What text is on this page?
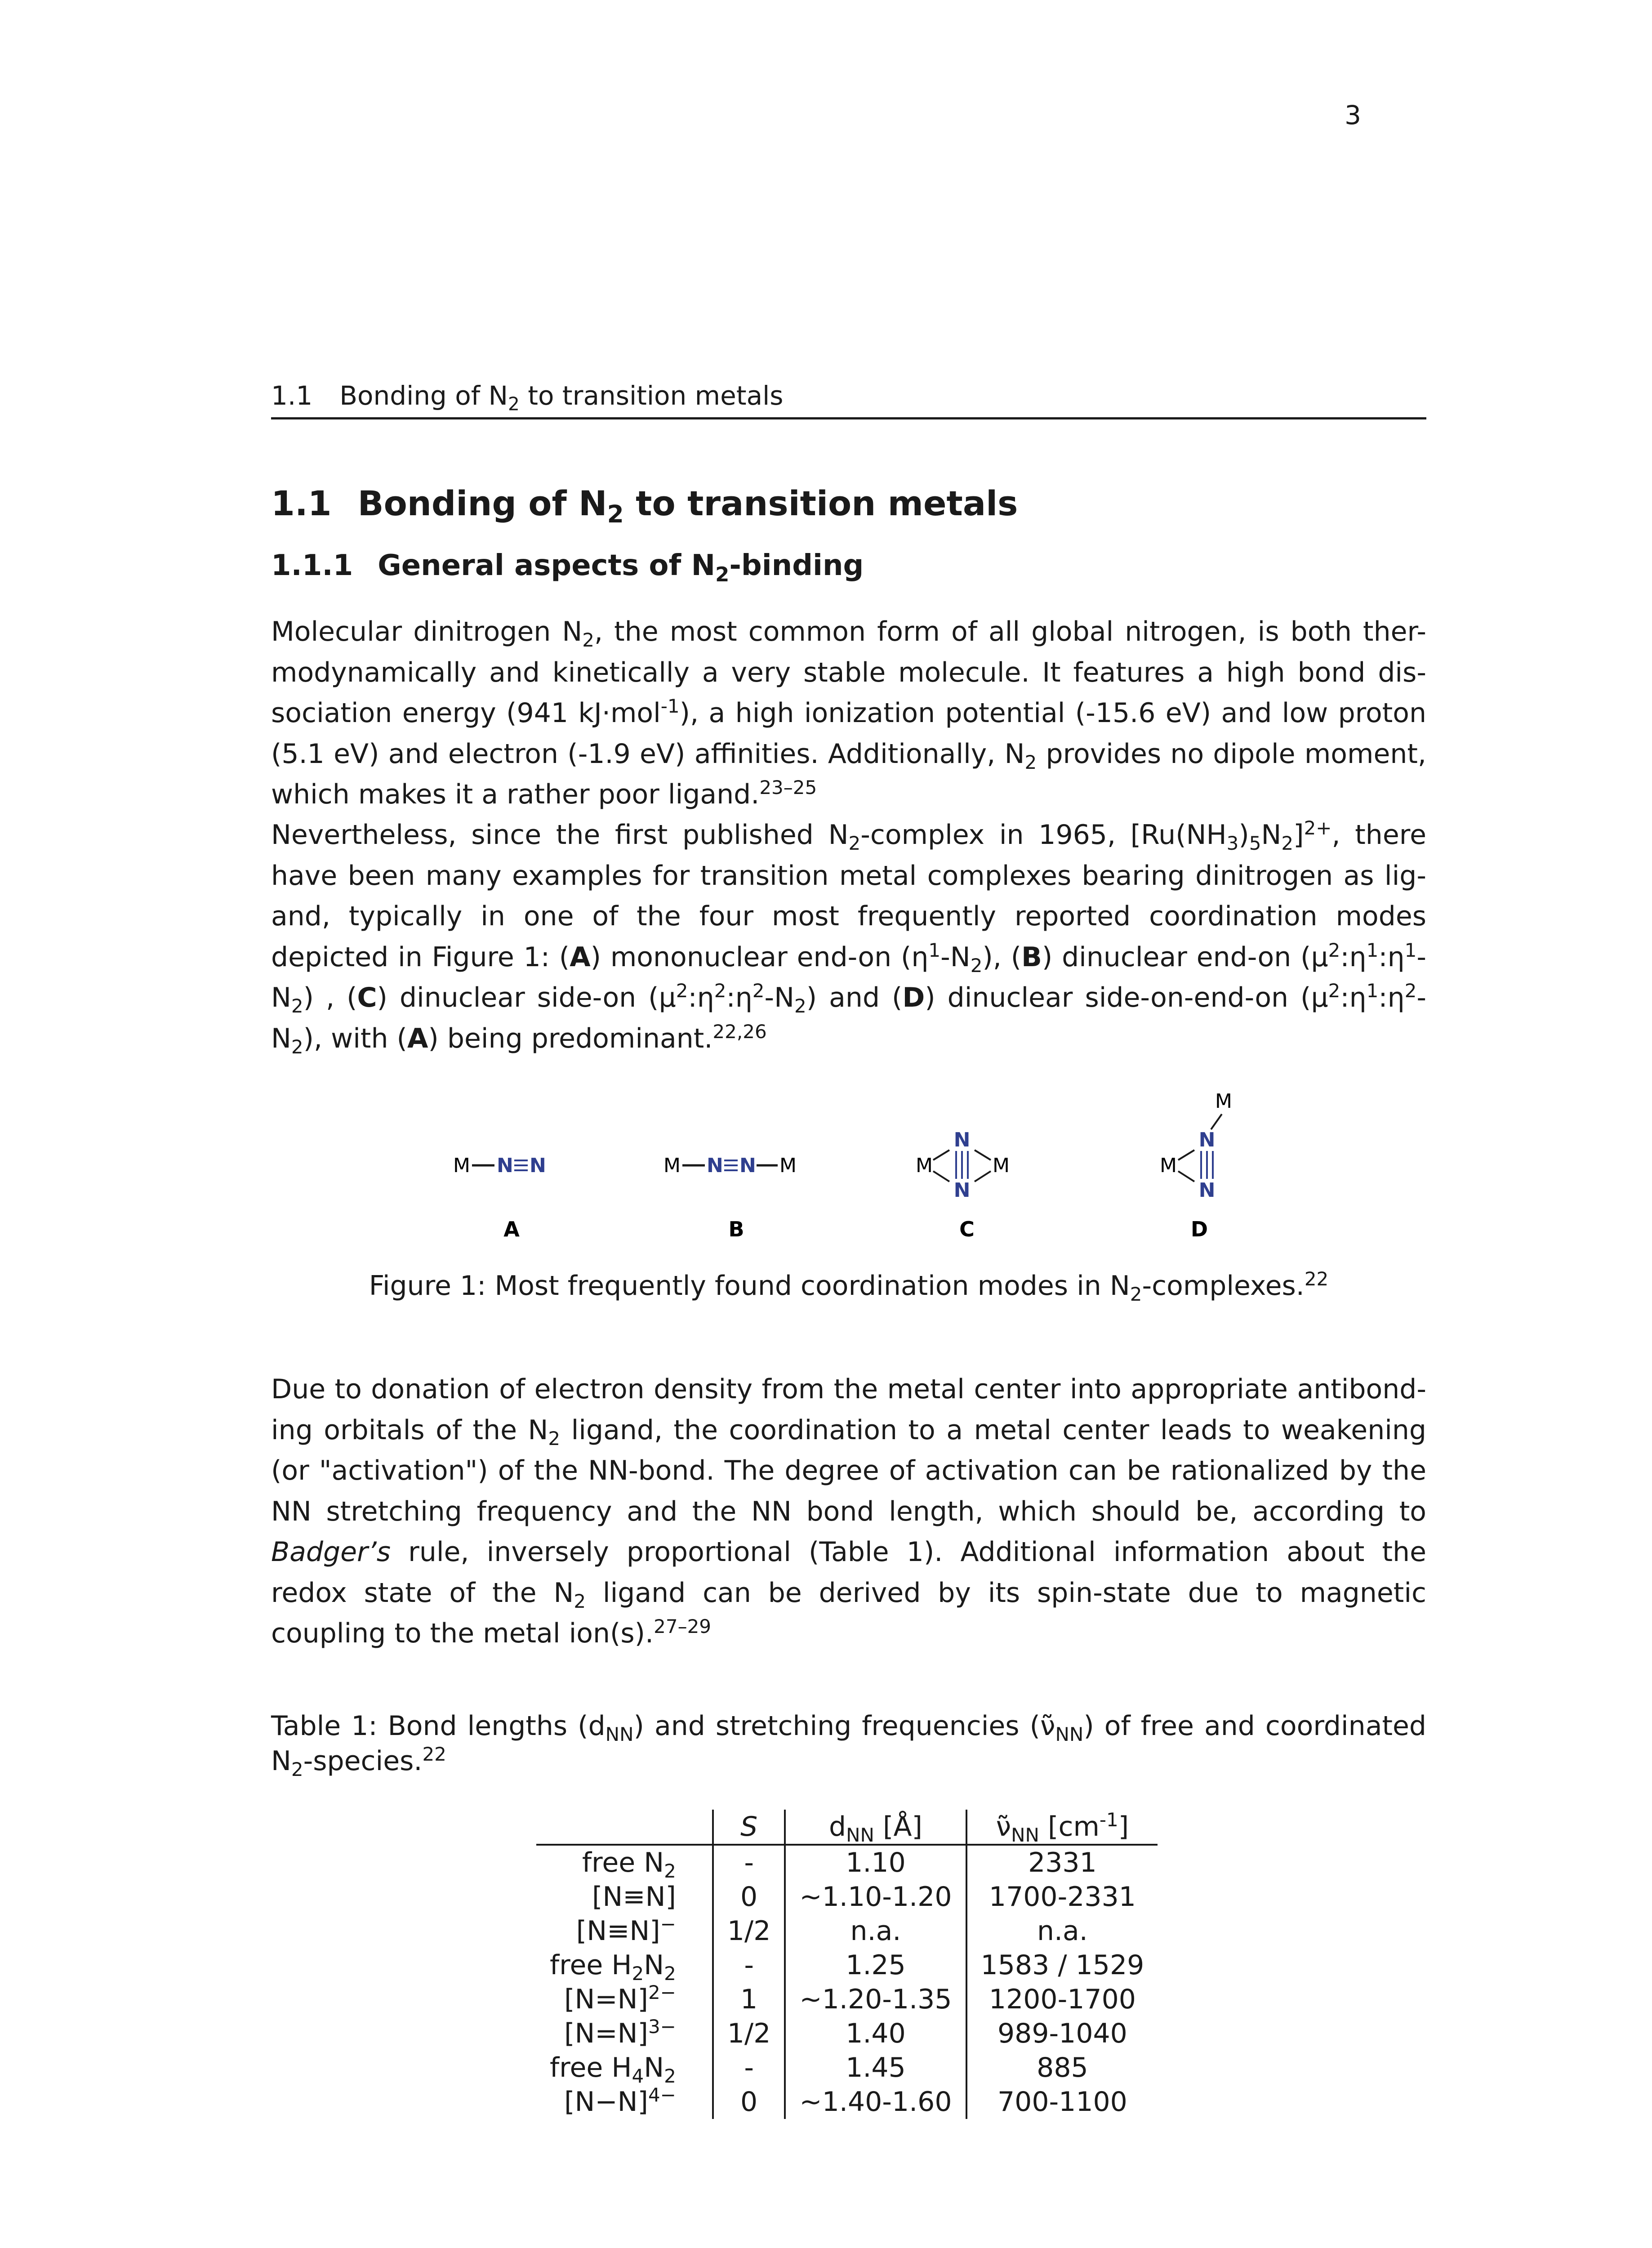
3
1.1 Bonding of $N_2$ to transition metals
1.1 Bonding of $N_2$ to transition metals
1.1.1 General aspects of $N_2$-binding

Molecular dinitrogen $N_2$, the most common form of all global nitrogen, is both ther-modynamically and kinetically a very stable molecule. It features a high bond dis-sociation energy (941 kJ·mol$^{-1}$), a high ionization potential (-15.6 eV) and low proton (5.1 eV) and electron (-1.9 eV) affinities. Additionally, $N_2$ provides no dipole moment, which makes it a rather poor ligand.$^{23-25}$

Nevertheless, since the first published $N_2$-complex in 1965, $[Ru(NH_3)_5N_2]^{2+}$, there have been many examples for transition metal complexes bearing dinitrogen as lig-and, typically in one of the four most frequently reported coordination modes depicted in Figure 1: (A) mononuclear end-on $(\eta^1-N_2)$, (B) dinuclear end-on $(\mu^2:\eta^1:\eta^1-N_2)$ , (C) dinuclear side-on $(\mu^2:\eta^2:\eta^2-N_2)$ and (D) dinuclear side-on-end-on $(\mu^2:\eta^1:\eta^2-N_2)$, with (A) being predominant.$^{22,26}$

M N N
A
M N N M
B
M
N
N
M
C
M
N
N
M
D
Figure 1: Most frequently found coordination modes in $N_2-complexes.^{22}$

Due to donation of electron density from the metal center into appropriate antibond-ing orbitals of the $N_2$ ligand, the coordination to a metal center leads to weakening (or "activation") of the NN-bond. The degree of activation can be rationalized by the NN stretching frequency and the NN bond length, which should be, according to Badger’s rule, inversely proportional (Table 1). Additional information about the redox state of the $N_2$ ligand can be derived by its spin-state due to magnetic coupling to the metal ion(s).$^{27-29}$

Table 1: Bond lengths $(d_{NN})$ and stretching frequencies $(\nũ_{NN})$ of free and coordinated $N_2-species.^{22}$
	S	$d_{NN}$ [Å]	$\nũ_{NN}$ $[cm^{-1}]$
free $N_2$	-	1.10	2331
[N≡N]	0	~1.10-1.20	1700-2331
[N≡N]−	1/2	n.a.	n.a.
free $H_2N_2$	-	1.25	1583 / 1529
[N=N]$^{2-}$	1	~1.20-1.35	1200-1700
[N=N]$^{3-}$	1/2	1.40	989-1040
free $H_4N_2$	-	1.45	885
$[N-N]^{4-}$	0	~1.40-1.60	700-1100
